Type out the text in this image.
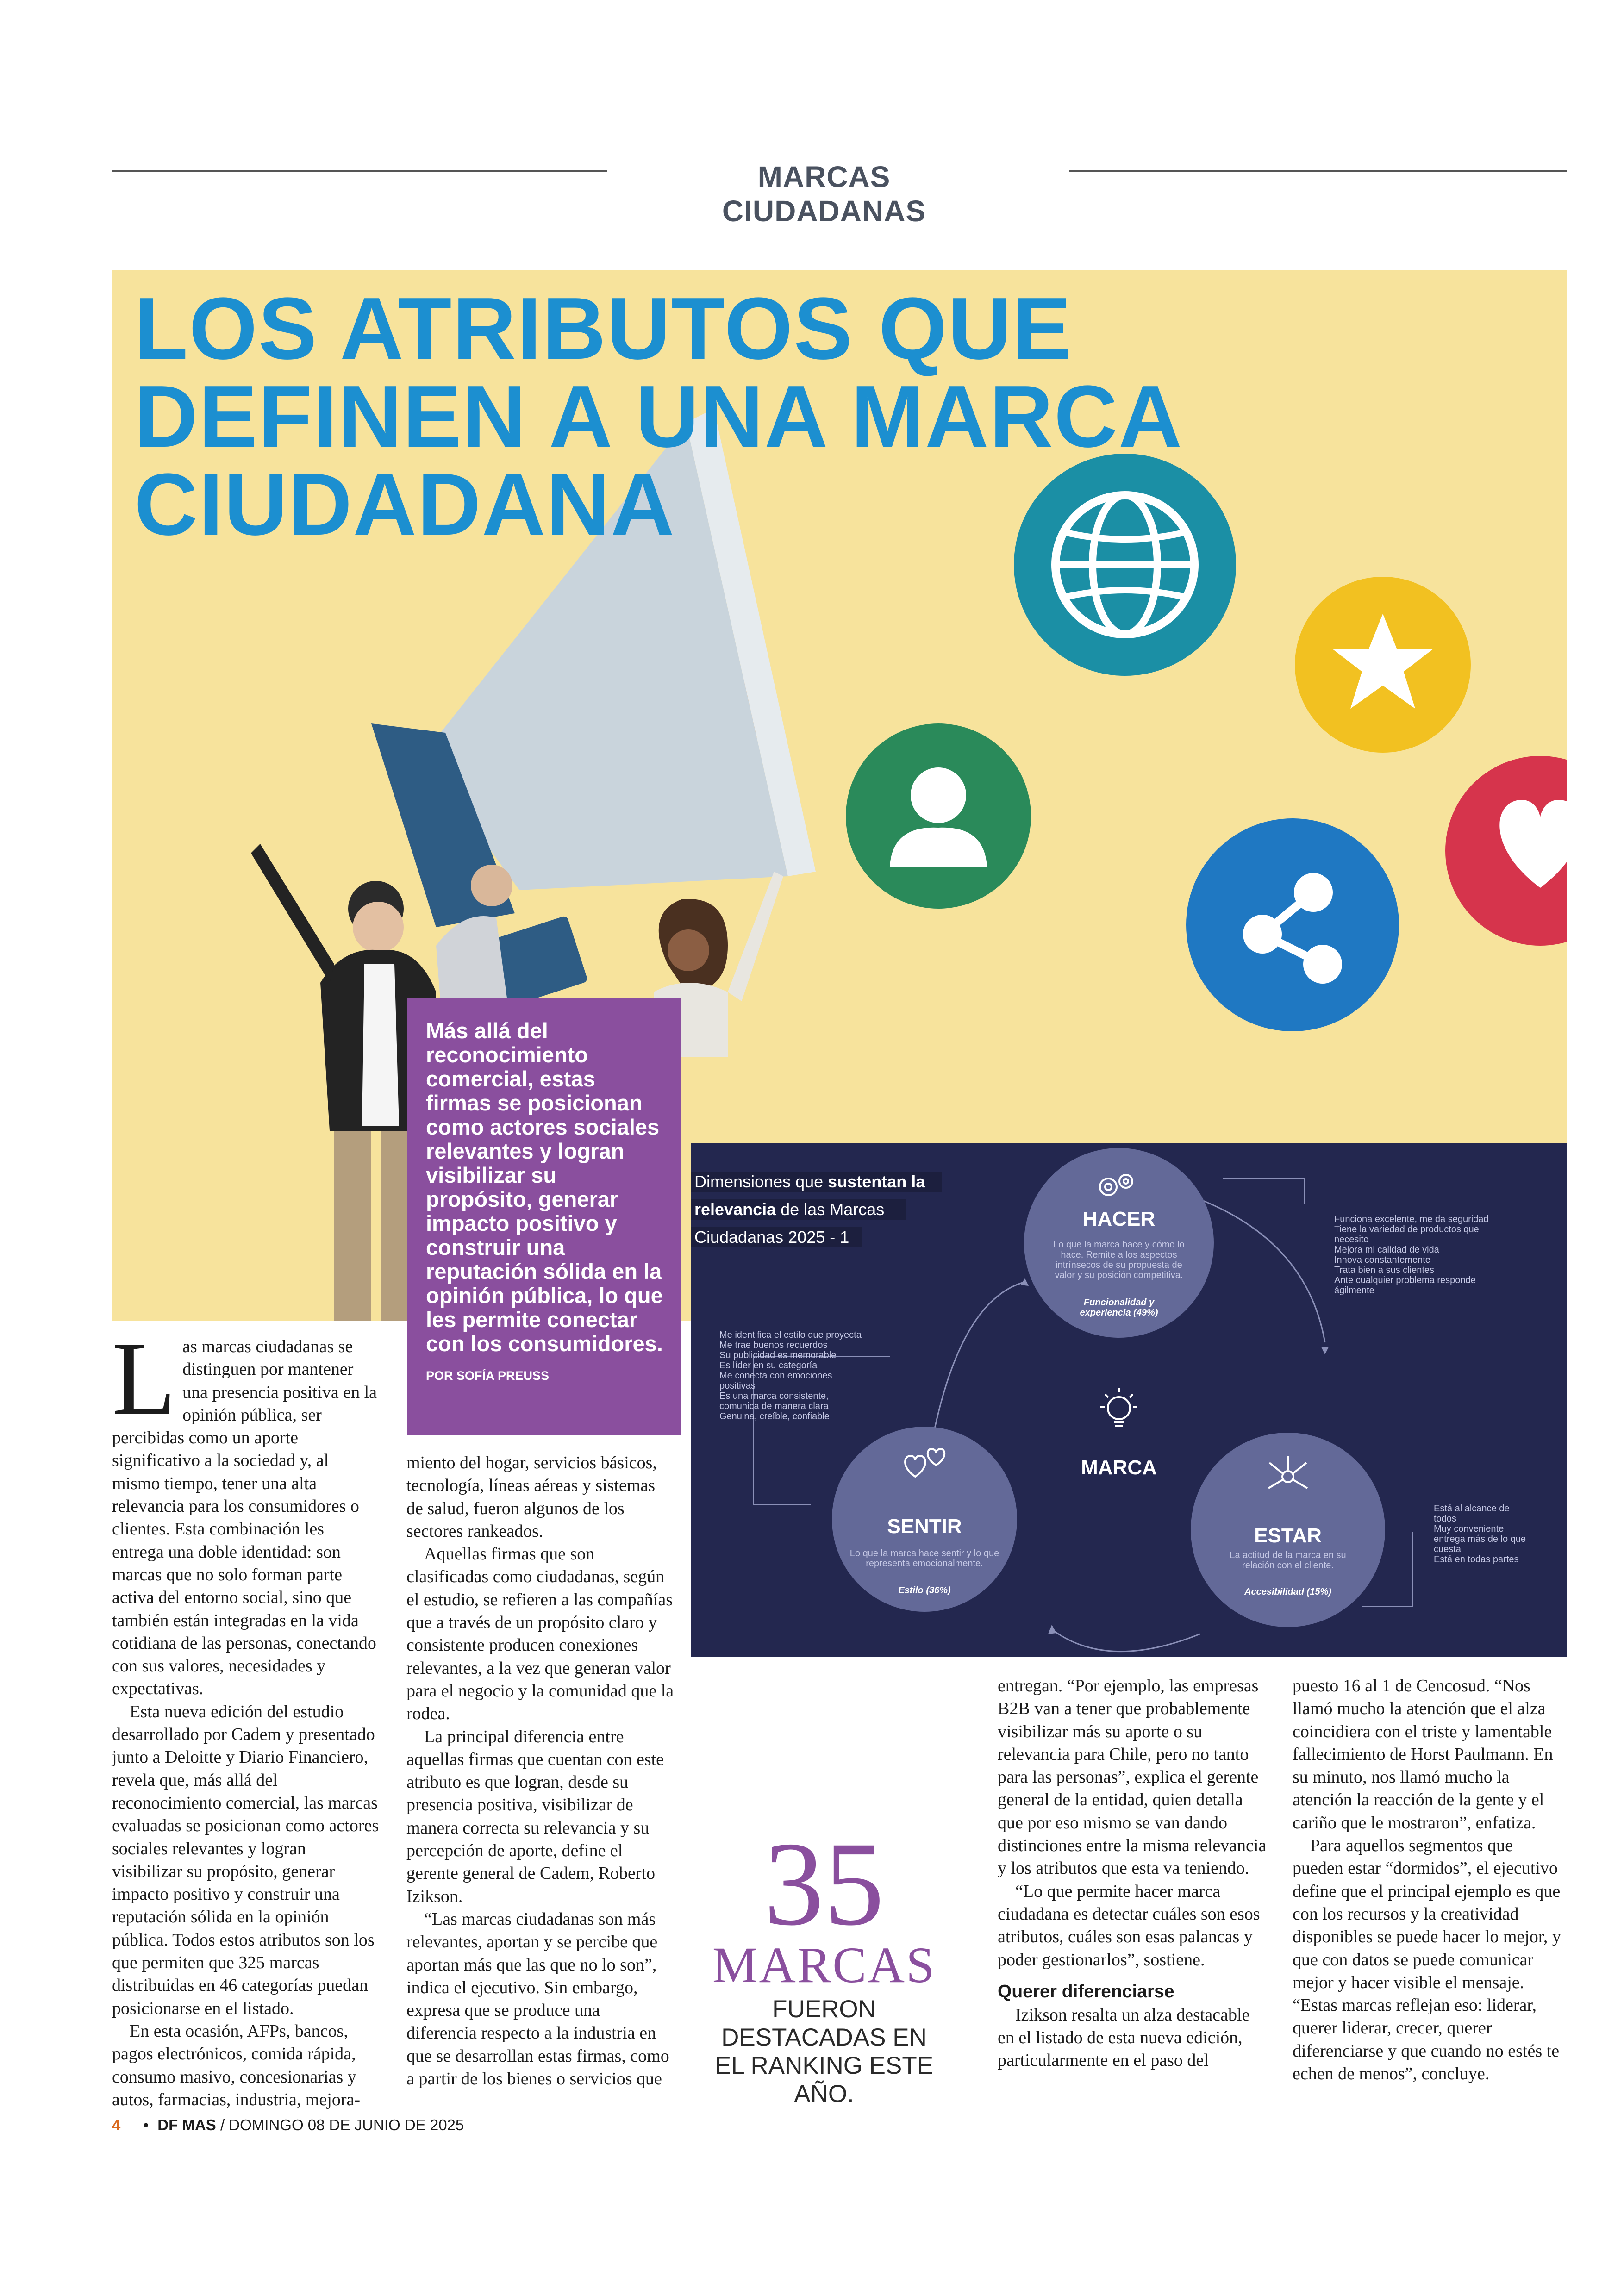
MARCAS CIUDADANAS
LOS ATRIBUTOS QUE
DEFINEN A UNA MARCA
CIUDADANA
Más allá del reconocimiento comercial, estas firmas se posicionan como actores sociales relevantes y logran visibilizar su propósito, generar impacto positivo y construir una reputación sólida en la opinión pública, lo que les permite conectar con los consumidores.
POR SOFÍA PREUSS
Dimensiones que sustentan la
relevancia de las Marcas
Ciudadanas 2025 - 1
MARCA
HACER
Lo que la marca hace y cómo lo
hace. Remite a los aspectos
intrínsecos de su propuesta de
valor y su posición competitiva.
Funcionalidad y
experiencia (49%)
Funciona excelente, me da seguridad
Tiene la variedad de productos que
necesito
Mejora mi calidad de vida
Innova constantemente
Trata bien a sus clientes
Ante cualquier problema responde
ágilmente
SENTIR
Lo que la marca hace sentir y lo que
representa emocionalmente.
Estilo (36%)
Me identifica el estilo que proyecta
Me trae buenos recuerdos
Su publicidad es memorable
Es líder en su categoría
Me conecta con emociones
positivas
Es una marca consistente,
comunica de manera clara
Genuina, creíble, confiable
ESTAR
La actitud de la marca en su
relación con el cliente.
Accesibilidad (15%)
Está al alcance de
todos
Muy conveniente,
entrega más de lo que
cuesta
Está en todas partes
L as marcas ciudadanas se distinguen por mantener una presencia positiva en la opinión pública, ser percibidas como un aporte significativo a la sociedad y, al mismo tiempo, tener una alta relevancia para los consumidores o clientes. Esta combinación les entrega una doble identidad: son marcas que no solo forman parte activa del entorno social, sino que también están integradas en la vida cotidiana de las personas, conectando con sus valores, necesidades y expectativas.

Esta nueva edición del estudio desarrollado por Cadem y presentado junto a Deloitte y Diario Financiero, revela que, más allá del reconocimiento comercial, las marcas evaluadas se posicionan como actores sociales relevantes y logran visibilizar su propósito, generar impacto positivo y construir una reputación sólida en la opinión pública. Todos estos atributos son los que permiten que 325 marcas distribuidas en 46 categorías puedan posicionarse en el listado.

En esta ocasión, AFPs, bancos, pagos electrónicos, comida rápida, consumo masivo, concesionarias y autos, farmacias, industria, mejora-

miento del hogar, servicios básicos, tecnología, líneas aéreas y sistemas de salud, fueron algunos de los sectores rankeados.

Aquellas firmas que son clasificadas como ciudadanas, según el estudio, se refieren a las compañías que a través de un propósito claro y consistente producen conexiones relevantes, a la vez que generan valor para el negocio y la comunidad que la rodea.

La principal diferencia entre aquellas firmas que cuentan con este atributo es que logran, desde su presencia positiva, visibilizar de manera correcta su relevancia y su percepción de aporte, define el gerente general de Cadem, Roberto Izikson.

“Las marcas ciudadanas son más relevantes, aportan y se percibe que aportan más que las que no lo son”, indica el ejecutivo. Sin embargo, expresa que se produce una diferencia respecto a la industria en que se desarrollan estas firmas, como a partir de los bienes o servicios que

entregan. “Por ejemplo, las empresas B2B van a tener que probablemente visibilizar más su aporte o su relevancia para Chile, pero no tanto para las personas”, explica el gerente general de la entidad, quien detalla que por eso mismo se van dando distinciones entre la misma relevancia y los atributos que esta va teniendo.

“Lo que permite hacer marca ciudadana es detectar cuáles son esos atributos, cuáles son esas palancas y poder gestionarlos”, sostiene.

Querer diferenciarse

Izikson resalta un alza destacable en el listado de esta nueva edición, particularmente en el paso del

puesto 16 al 1 de Cencosud. “Nos llamó mucho la atención que el alza coincidiera con el triste y lamentable fallecimiento de Horst Paulmann. En su minuto, nos llamó mucho la atención la reacción de la gente y el cariño que le mostraron”, enfatiza.

Para aquellos segmentos que pueden estar “dormidos”, el ejecutivo define que el principal ejemplo es que con los recursos y la creatividad disponibles se puede hacer lo mejor, y que con datos se puede comunicar mejor y hacer visible el mensaje. “Estas marcas reflejan eso: liderar, querer liderar, crecer, querer diferenciarse y que cuando no estés te echen de menos”, concluye.

35
MARCAS
FUERON DESTACADAS EN EL RANKING ESTE AÑO.
4 • DF MAS / DOMINGO 08 DE JUNIO DE 2025
